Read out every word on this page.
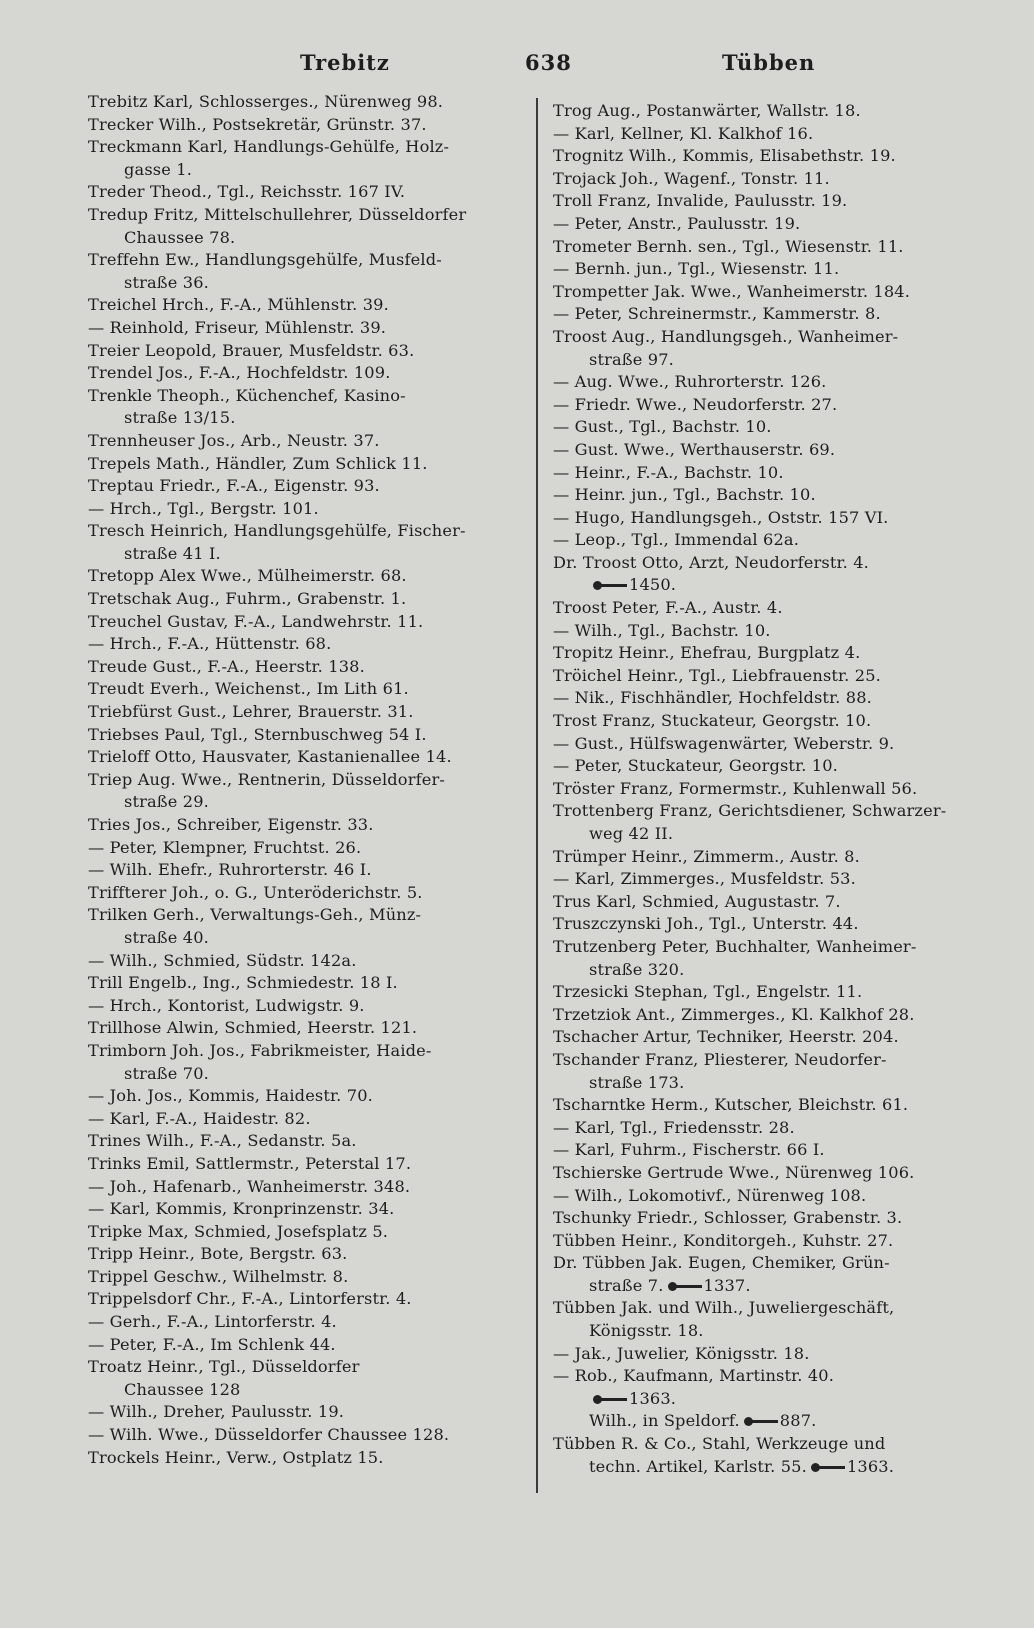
Trebitz	638	Tübben
Trebitz Karl, Schlosserges., Nürenweg 98.
Trecker Wilh., Postsekretär, Grünstr. 37.
Treckmann Karl, Handlungs-Gehülfe, Holz-
gasse 1.
Treder Theod., Tgl., Reichsstr. 167 IV.
Tredup Fritz, Mittelschullehrer, Düsseldorfer
Chaussee 78.
Treffehn Ew., Handlungsgehülfe, Musfeld-
straße 36.
Treichel Hrch., F.-A., Mühlenstr. 39.
— Reinhold, Friseur, Mühlenstr. 39.
Treier Leopold, Brauer, Musfeldstr. 63.
Trendel Jos., F.-A., Hochfeldstr. 109.
Trenkle Theoph., Küchenchef, Kasino-
straße 13/15.
Trennheuser Jos., Arb., Neustr. 37.
Trepels Math., Händler, Zum Schlick 11.
Treptau Friedr., F.-A., Eigenstr. 93.
— Hrch., Tgl., Bergstr. 101.
Tresch Heinrich, Handlungsgehülfe, Fischer-
straße 41 I.
Tretopp Alex Wwe., Mülheimerstr. 68.
Tretschak Aug., Fuhrm., Grabenstr. 1.
Treuchel Gustav, F.-A., Landwehrstr. 11.
— Hrch., F.-A., Hüttenstr. 68.
Treude Gust., F.-A., Heerstr. 138.
Treudt Everh., Weichenst., Im Lith 61.
Triebfürst Gust., Lehrer, Brauerstr. 31.
Triebses Paul, Tgl., Sternbuschweg 54 I.
Trieloff Otto, Hausvater, Kastanienallee 14.
Triep Aug. Wwe., Rentnerin, Düsseldorfer-
straße 29.
Tries Jos., Schreiber, Eigenstr. 33.
— Peter, Klempner, Fruchtst. 26.
— Wilh. Ehefr., Ruhrorterstr. 46 I.
Triffterer Joh., o. G., Unteröderichstr. 5.
Trilken Gerh., Verwaltungs-Geh., Münz-
straße 40.
— Wilh., Schmied, Südstr. 142a.
Trill Engelb., Ing., Schmiedestr. 18 I.
— Hrch., Kontorist, Ludwigstr. 9.
Trillhose Alwin, Schmied, Heerstr. 121.
Trimborn Joh. Jos., Fabrikmeister, Haide-
straße 70.
— Joh. Jos., Kommis, Haidestr. 70.
— Karl, F.-A., Haidestr. 82.
Trines Wilh., F.-A., Sedanstr. 5a.
Trinks Emil, Sattlermstr., Peterstal 17.
— Joh., Hafenarb., Wanheimerstr. 348.
— Karl, Kommis, Kronprinzenstr. 34.
Tripke Max, Schmied, Josefsplatz 5.
Tripp Heinr., Bote, Bergstr. 63.
Trippel Geschw., Wilhelmstr. 8.
Trippelsdorf Chr., F.-A., Lintorferstr. 4.
— Gerh., F.-A., Lintorferstr. 4.
— Peter, F.-A., Im Schlenk 44.
Troatz Heinr., Tgl., Düsseldorfer
Chaussee 128
— Wilh., Dreher, Paulusstr. 19.
— Wilh. Wwe., Düsseldorfer Chaussee 128.
Trockels Heinr., Verw., Ostplatz 15.
Trog Aug., Postanwärter, Wallstr. 18.
— Karl, Kellner, Kl. Kalkhof 16.
Trognitz Wilh., Kommis, Elisabethstr. 19.
Trojack Joh., Wagenf., Tonstr. 11.
Troll Franz, Invalide, Paulusstr. 19.
— Peter, Anstr., Paulusstr. 19.
Trometer Bernh. sen., Tgl., Wiesenstr. 11.
— Bernh. jun., Tgl., Wiesenstr. 11.
Trompetter Jak. Wwe., Wanheimerstr. 184.
— Peter, Schreinermstr., Kammerstr. 8.
Troost Aug., Handlungsgeh., Wanheimer-
straße 97.
— Aug. Wwe., Ruhrorterstr. 126.
— Friedr. Wwe., Neudorferstr. 27.
— Gust., Tgl., Bachstr. 10.
— Gust. Wwe., Werthauserstr. 69.
— Heinr., F.-A., Bachstr. 10.
— Heinr. jun., Tgl., Bachstr. 10.
— Hugo, Handlungsgeh., Oststr. 157 VI.
— Leop., Tgl., Immendal 62a.
Dr. Troost Otto, Arzt, Neudorferstr. 4.
1450.
Troost Peter, F.-A., Austr. 4.
— Wilh., Tgl., Bachstr. 10.
Tropitz Heinr., Ehefrau, Burgplatz 4.
Tröichel Heinr., Tgl., Liebfrauenstr. 25.
— Nik., Fischhändler, Hochfeldstr. 88.
Trost Franz, Stuckateur, Georgstr. 10.
— Gust., Hülfswagenwärter, Weberstr. 9.
— Peter, Stuckateur, Georgstr. 10.
Tröster Franz, Formermstr., Kuhlenwall 56.
Trottenberg Franz, Gerichtsdiener, Schwarzer-
weg 42 II.
Trümper Heinr., Zimmerm., Austr. 8.
— Karl, Zimmerges., Musfeldstr. 53.
Trus Karl, Schmied, Augustastr. 7.
Truszczynski Joh., Tgl., Unterstr. 44.
Trutzenberg Peter, Buchhalter, Wanheimer-
straße 320.
Trzesicki Stephan, Tgl., Engelstr. 11.
Trzetziok Ant., Zimmerges., Kl. Kalkhof 28.
Tschacher Artur, Techniker, Heerstr. 204.
Tschander Franz, Pliesterer, Neudorfer-
straße 173.
Tscharntke Herm., Kutscher, Bleichstr. 61.
— Karl, Tgl., Friedensstr. 28.
— Karl, Fuhrm., Fischerstr. 66 I.
Tschierske Gertrude Wwe., Nürenweg 106.
— Wilh., Lokomotivf., Nürenweg 108.
Tschunky Friedr., Schlosser, Grabenstr. 3.
Tübben Heinr., Konditorgeh., Kuhstr. 27.
Dr. Tübben Jak. Eugen, Chemiker, Grün-
straße 7. 1337.
Tübben Jak. und Wilh., Juweliergeschäft,
Königsstr. 18.
— Jak., Juwelier, Königsstr. 18.
— Rob., Kaufmann, Martinstr. 40.
1363.
Wilh., in Speldorf. 887.
Tübben R. & Co., Stahl, Werkzeuge und
techn. Artikel, Karlstr. 55. 1363.
